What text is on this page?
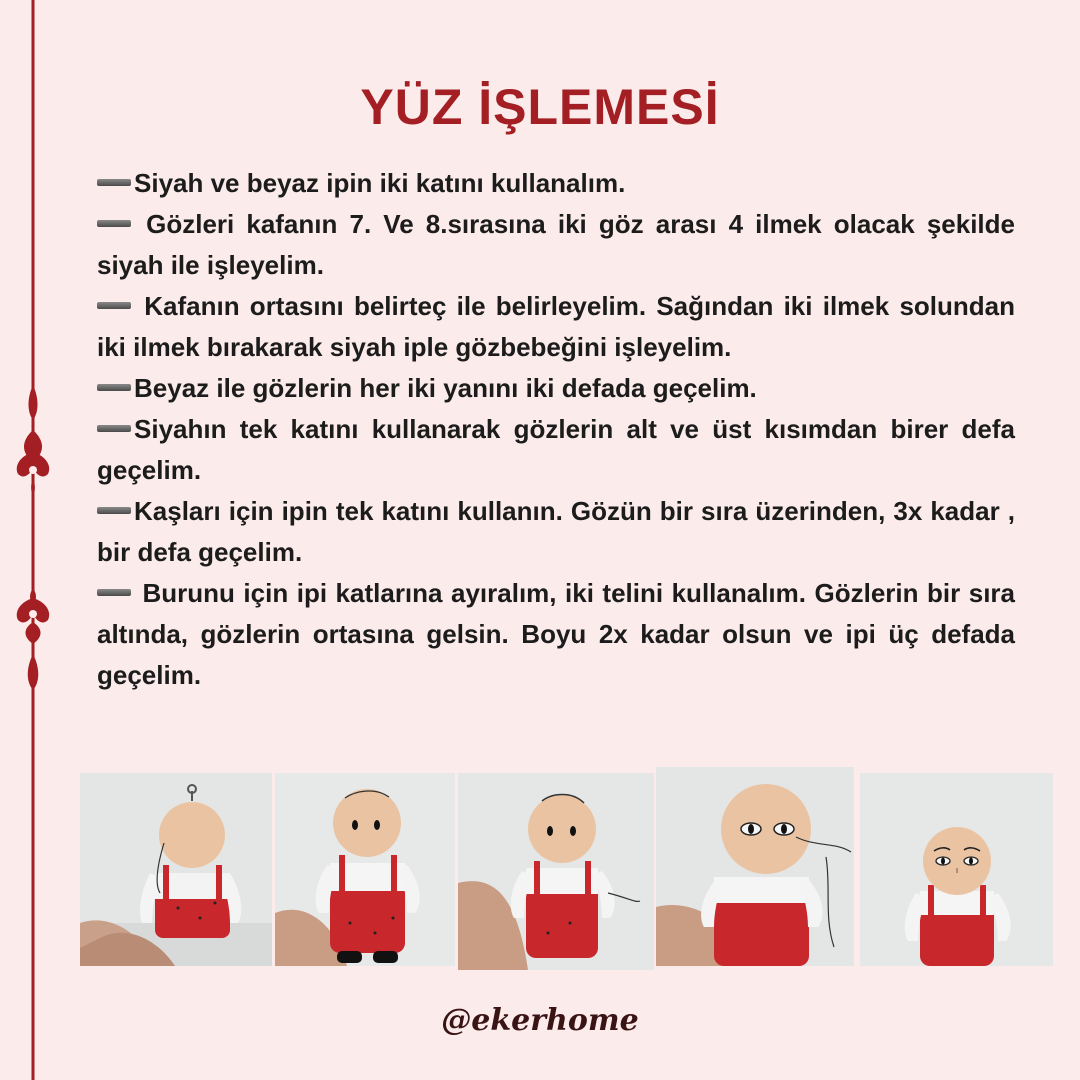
YÜZ İŞLEMESİ
Siyah ve beyaz ipin iki katını kullanalım.
Gözleri kafanın 7. Ve 8.sırasına iki göz arası 4 ilmek olacak şekilde siyah ile işleyelim.
Kafanın ortasını belirteç ile belirleyelim. Sağından iki ilmek solundan iki ilmek bırakarak siyah iple gözbebeğini işleyelim.
Beyaz ile gözlerin her iki yanını iki defada geçelim.
Siyahın tek katını kullanarak gözlerin alt ve üst kısımdan birer defa geçelim.
Kaşları için ipin tek katını kullanın. Gözün bir sıra üzerinden, 3x kadar , bir defa geçelim.
Burunu için ipi katlarına ayıralım, iki telini kullanalım. Gözlerin bir sıra altında, gözlerin ortasına gelsin. Boyu 2x kadar olsun ve ipi üç defada geçelim.

@ekerhome
